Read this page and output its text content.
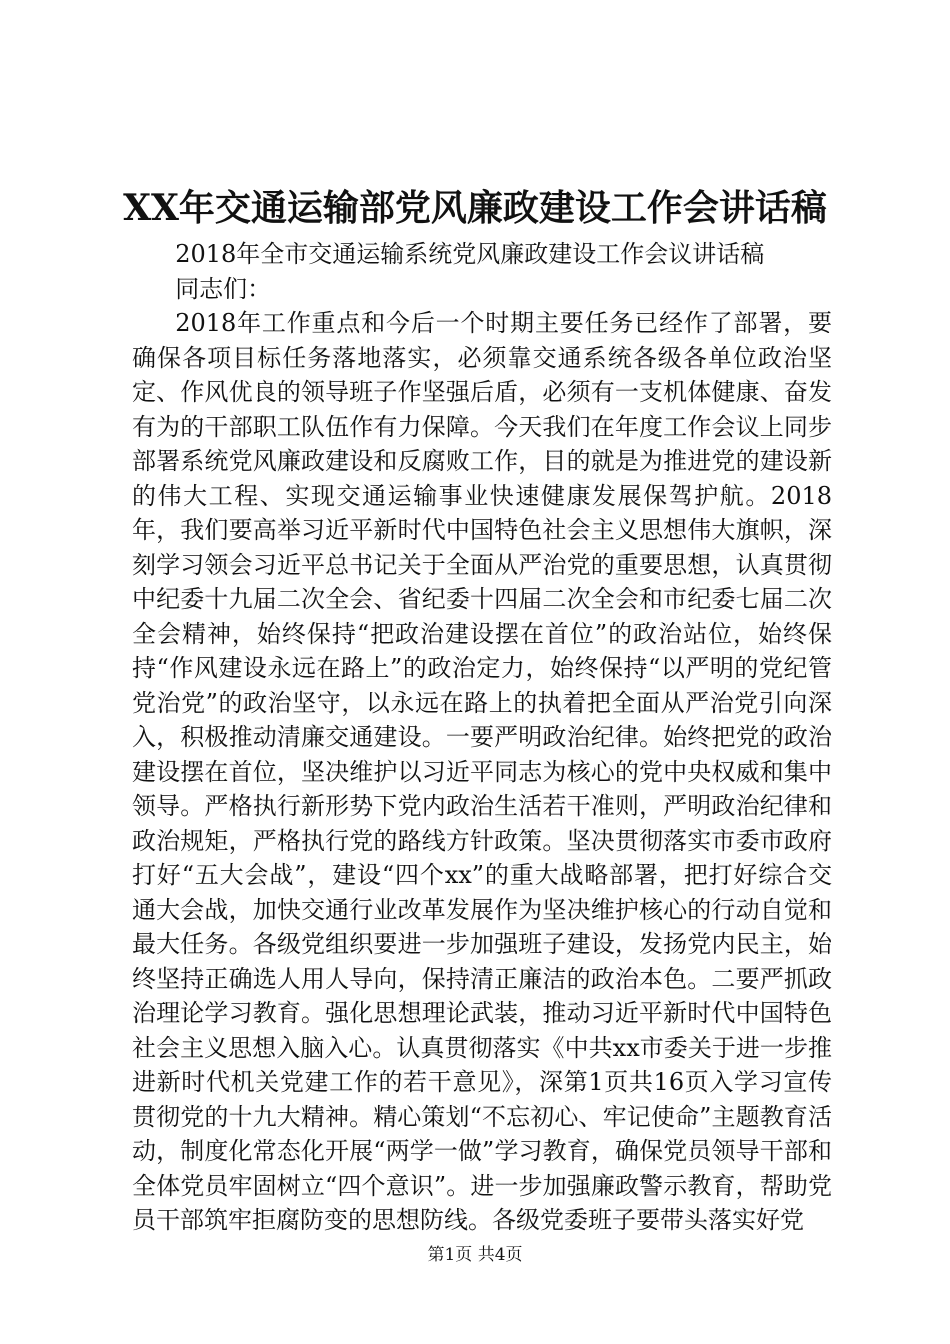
XX年交通运输部党风廉政建设工作会讲话稿

2018年全市交通运输系统党风廉政建设工作会议讲话稿

同志们：

2018年工作重点和今后一个时期主要任务已经作了部署，要确保各项目标任务落地落实，必须靠交通系统各级各单位政治坚定、作风优良的领导班子作坚强后盾，必须有一支机体健康、奋发有为的干部职工队伍作有力保障。今天我们在年度工作会议上同步部署系统党风廉政建设和反腐败工作，目的就是为推进党的建设新的伟大工程、实现交通运输事业快速健康发展保驾护航。2018年，我们要高举习近平新时代中国特色社会主义思想伟大旗帜，深刻学习领会习近平总书记关于全面从严治党的重要思想，认真贯彻中纪委十九届二次全会、省纪委十四届二次全会和市纪委七届二次全会精神，始终保持“把政治建设摆在首位”的政治站位，始终保持“作风建设永远在路上”的政治定力，始终保持“以严明的党纪管党治党”的政治坚守，以永远在路上的执着把全面从严治党引向深入，积极推动清廉交通建设。一要严明政治纪律。始终把党的政治建设摆在首位，坚决维护以习近平同志为核心的党中央权威和集中领导。严格执行新形势下党内政治生活若干准则，严明政治纪律和政治规矩，严格执行党的路线方针政策。坚决贯彻落实市委市政府打好“五大会战”，建设“四个xx”的重大战略部署，把打好综合交通大会战，加快交通行业改革发展作为坚决维护核心的行动自觉和最大任务。各级党组织要进一步加强班子建设，发扬党内民主，始终坚持正确选人用人导向，保持清正廉洁的政治本色。二要严抓政治理论学习教育。强化思想理论武装，推动习近平新时代中国特色社会主义思想入脑入心。认真贯彻落实《中共xx市委关于进一步推进新时代机关党建工作的若干意见》，深第1页共16页入学习宣传贯彻党的十九大精神。精心策划“不忘初心、牢记使命”主题教育活动，制度化常态化开展“两学一做”学习教育，确保党员领导干部和全体党员牢固树立“四个意识”。进一步加强廉政警示教育，帮助党员干部筑牢拒腐防变的思想防线。各级党委班子要带头落实好党

第1页 共4页
